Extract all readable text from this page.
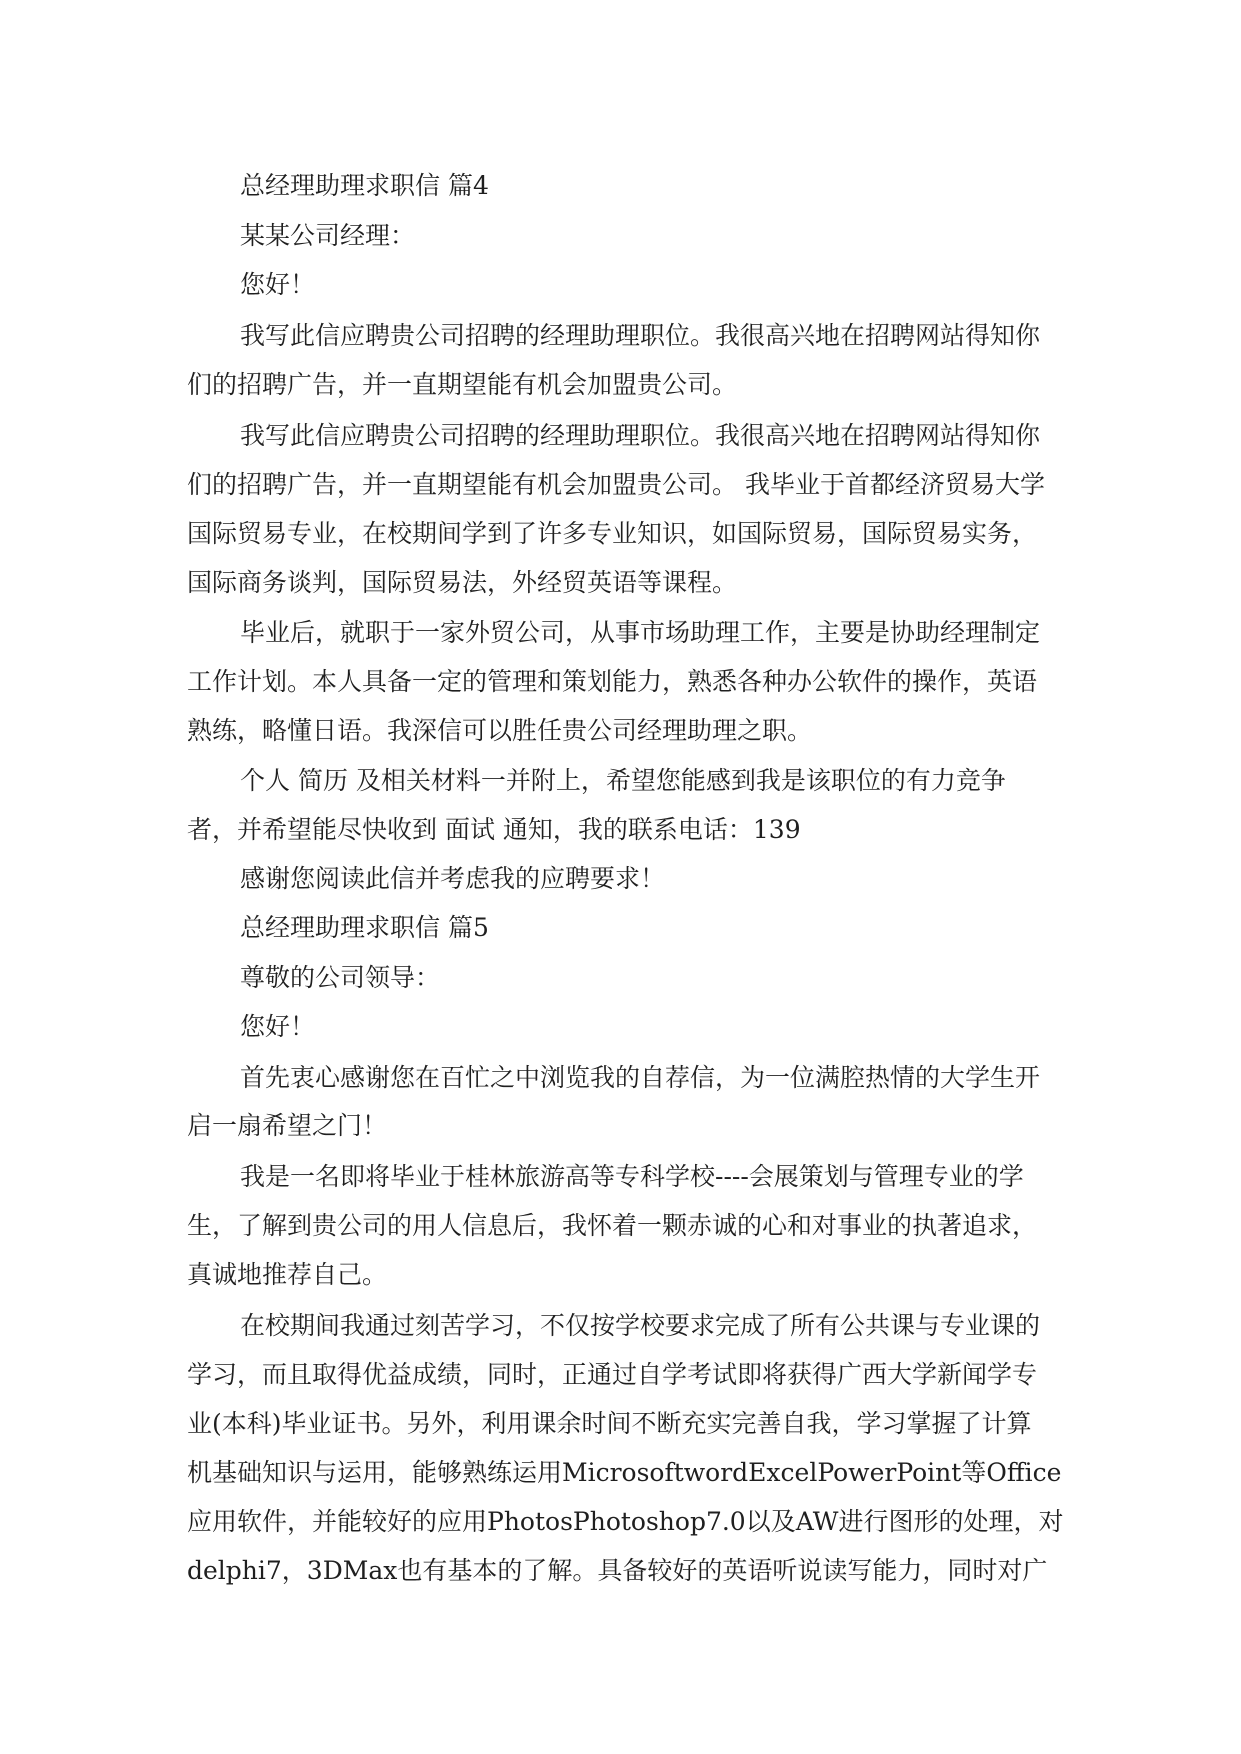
总经理助理求职信 篇4

某某公司经理：

您好！

我写此信应聘贵公司招聘的经理助理职位。我很高兴地在招聘网站得知你

们的招聘广告，并一直期望能有机会加盟贵公司。

我写此信应聘贵公司招聘的经理助理职位。我很高兴地在招聘网站得知你

们的招聘广告，并一直期望能有机会加盟贵公司。 我毕业于首都经济贸易大学

国际贸易专业，在校期间学到了许多专业知识，如国际贸易，国际贸易实务，

国际商务谈判，国际贸易法，外经贸英语等课程。

毕业后，就职于一家外贸公司，从事市场助理工作，主要是协助经理制定

工作计划。本人具备一定的管理和策划能力，熟悉各种办公软件的操作，英语

熟练，略懂日语。我深信可以胜任贵公司经理助理之职。

个人 简历 及相关材料一并附上，希望您能感到我是该职位的有力竞争

者，并希望能尽快收到 面试 通知，我的联系电话：139

感谢您阅读此信并考虑我的应聘要求！

总经理助理求职信 篇5

尊敬的公司领导：

您好！

首先衷心感谢您在百忙之中浏览我的自荐信，为一位满腔热情的大学生开

启一扇希望之门！

我是一名即将毕业于桂林旅游高等专科学校----会展策划与管理专业的学

生，了解到贵公司的用人信息后，我怀着一颗赤诚的心和对事业的执著追求，

真诚地推荐自己。

在校期间我通过刻苦学习，不仅按学校要求完成了所有公共课与专业课的

学习，而且取得优益成绩，同时，正通过自学考试即将获得广西大学新闻学专

业(本科)毕业证书。另外，利用课余时间不断充实完善自我，学习掌握了计算

机基础知识与运用，能够熟练运用MicrosoftwordExcelPowerPoint等Office

应用软件，并能较好的应用PhotosPhotoshop7.0以及AW进行图形的处理，对

delphi7，3DMax也有基本的了解。具备较好的英语听说读写能力，同时对广
